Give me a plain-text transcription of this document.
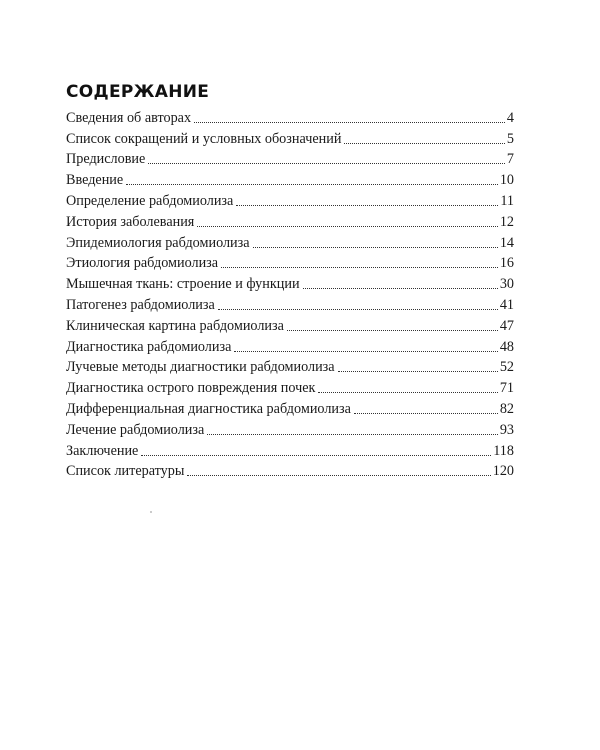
СОДЕРЖАНИЕ
Сведения об авторах	4
Список сокращений и условных обозначений	5
Предисловие	7
Введение	10
Определение рабдомиолиза	11
История заболевания	12
Эпидемиология рабдомиолиза	14
Этиология рабдомиолиза	16
Мышечная ткань: строение и функции	30
Патогенез рабдомиолиза	41
Клиническая картина рабдомиолиза	47
Диагностика рабдомиолиза	48
Лучевые методы диагностики рабдомиолиза	52
Диагностика острого повреждения почек	71
Дифференциальная диагностика рабдомиолиза	82
Лечение рабдомиолиза	93
Заключение	118
Список литературы	120
